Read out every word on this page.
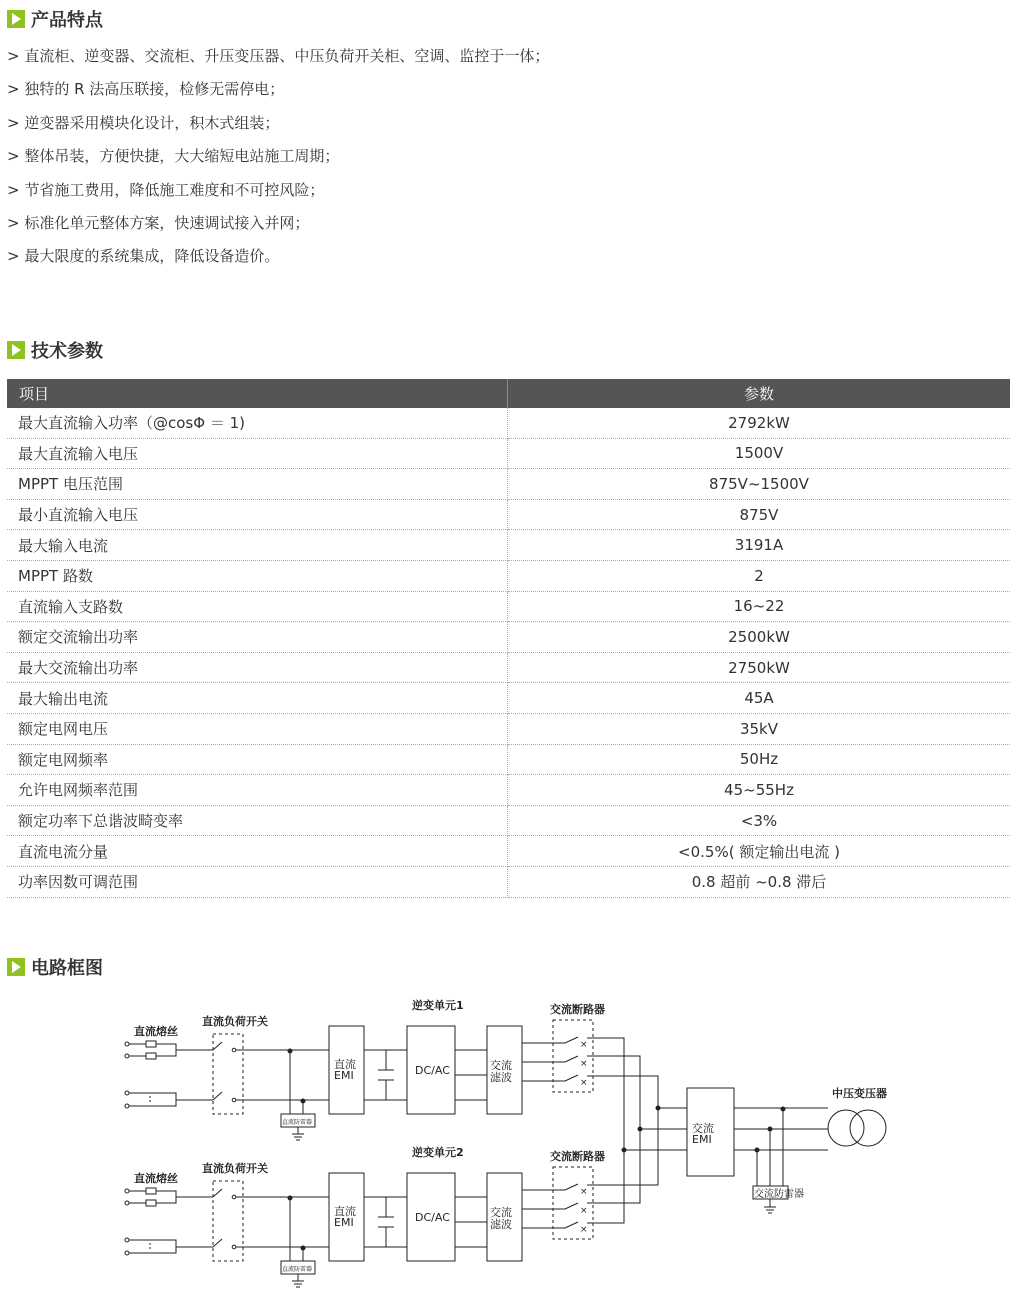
产品特点
> 直流柜、逆变器、交流柜、升压变压器、中压负荷开关柜、空调、监控于一体；
> 独特的 R 法高压联接，检修无需停电；
> 逆变器采用模块化设计，积木式组装；
> 整体吊装，方便快捷，大大缩短电站施工周期；
> 节省施工费用，降低施工难度和不可控风险；
> 标准化单元整体方案，快速调试接入并网；
> 最大限度的系统集成，降低设备造价。
技术参数
项目	参数
最大直流输入功率（@cosΦ ＝ 1)	2792kW
最大直流输入电压	1500V
MPPT 电压范围	875V~1500V
最小直流输入电压	875V
最大输入电流	3191A
MPPT 路数	2
直流输入支路数	16~22
额定交流输出功率	2500kW
最大交流输出功率	2750kW
最大输出电流	45A
额定电网电压	35kV
额定电网频率	50Hz
允许电网频率范围	45~55Hz
额定功率下总谐波畸变率	<3%
直流电流分量	<0.5%( 额定输出电流 )
功率因数可调范围	0.8 超前 ~0.8 滞后
电路框图
直流熔丝
直流负荷开关
逆变单元1	交流断路器
直流防雷器
直流
EMI	DC/AC	交流
滤波
×
×
×
直流熔丝
直流负荷开关
逆变单元2	交流断路器
直流防雷器
直流
EMI	DC/AC	交流
滤波
×
×
×
交流
EMI
交流防雷器
中压变压器
